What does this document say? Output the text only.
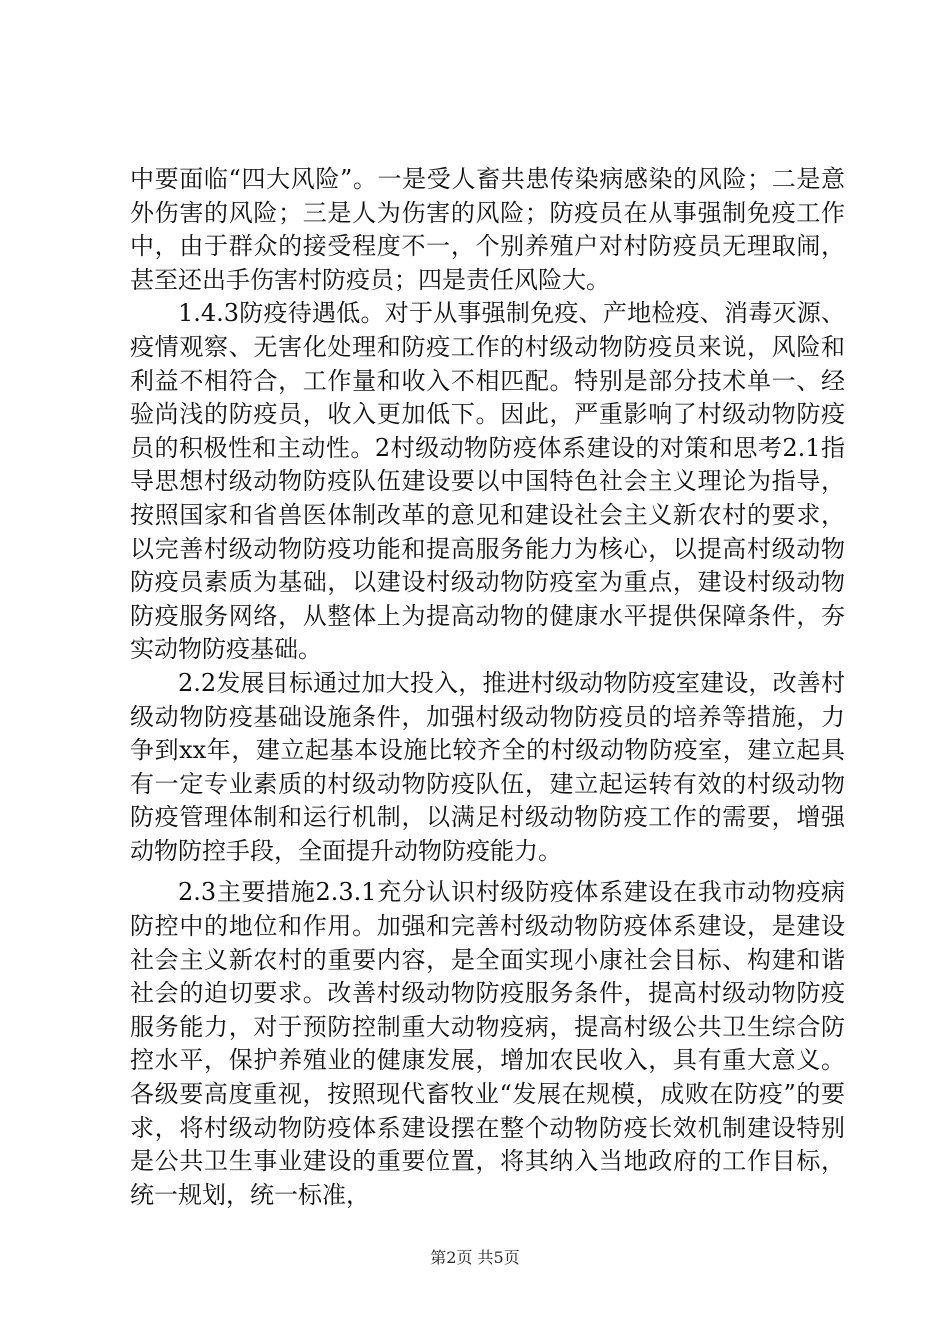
中要面临“四大风险”。一是受人畜共患传染病感染的风险；二是意外伤害的风险；三是人为伤害的风险；防疫员在从事强制免疫工作中，由于群众的接受程度不一，个别养殖户对村防疫员无理取闹，甚至还出手伤害村防疫员；四是责任风险大。

1.4.3防疫待遇低。对于从事强制免疫、产地检疫、消毒灭源、疫情观察、无害化处理和防疫工作的村级动物防疫员来说，风险和利益不相符合，工作量和收入不相匹配。特别是部分技术单一、经验尚浅的防疫员，收入更加低下。因此，严重影响了村级动物防疫员的积极性和主动性。2村级动物防疫体系建设的对策和思考2.1指导思想村级动物防疫队伍建设要以中国特色社会主义理论为指导，按照国家和省兽医体制改革的意见和建设社会主义新农村的要求，以完善村级动物防疫功能和提高服务能力为核心，以提高村级动物防疫员素质为基础，以建设村级动物防疫室为重点，建设村级动物防疫服务网络，从整体上为提高动物的健康水平提供保障条件，夯实动物防疫基础。

2.2发展目标通过加大投入，推进村级动物防疫室建设，改善村级动物防疫基础设施条件，加强村级动物防疫员的培养等措施，力争到xx年，建立起基本设施比较齐全的村级动物防疫室，建立起具有一定专业素质的村级动物防疫队伍，建立起运转有效的村级动物防疫管理体制和运行机制，以满足村级动物防疫工作的需要，增强动物防控手段，全面提升动物防疫能力。

2.3主要措施2.3.1充分认识村级防疫体系建设在我市动物疫病防控中的地位和作用。加强和完善村级动物防疫体系建设，是建设社会主义新农村的重要内容，是全面实现小康社会目标、构建和谐社会的迫切要求。改善村级动物防疫服务条件，提高村级动物防疫服务能力，对于预防控制重大动物疫病，提高村级公共卫生综合防控水平，保护养殖业的健康发展，增加农民收入，具有重大意义。各级要高度重视，按照现代畜牧业“发展在规模，成败在防疫”的要求，将村级动物防疫体系建设摆在整个动物防疫长效机制建设特别是公共卫生事业建设的重要位置，将其纳入当地政府的工作目标，统一规划，统一标准，

第2页 共5页
